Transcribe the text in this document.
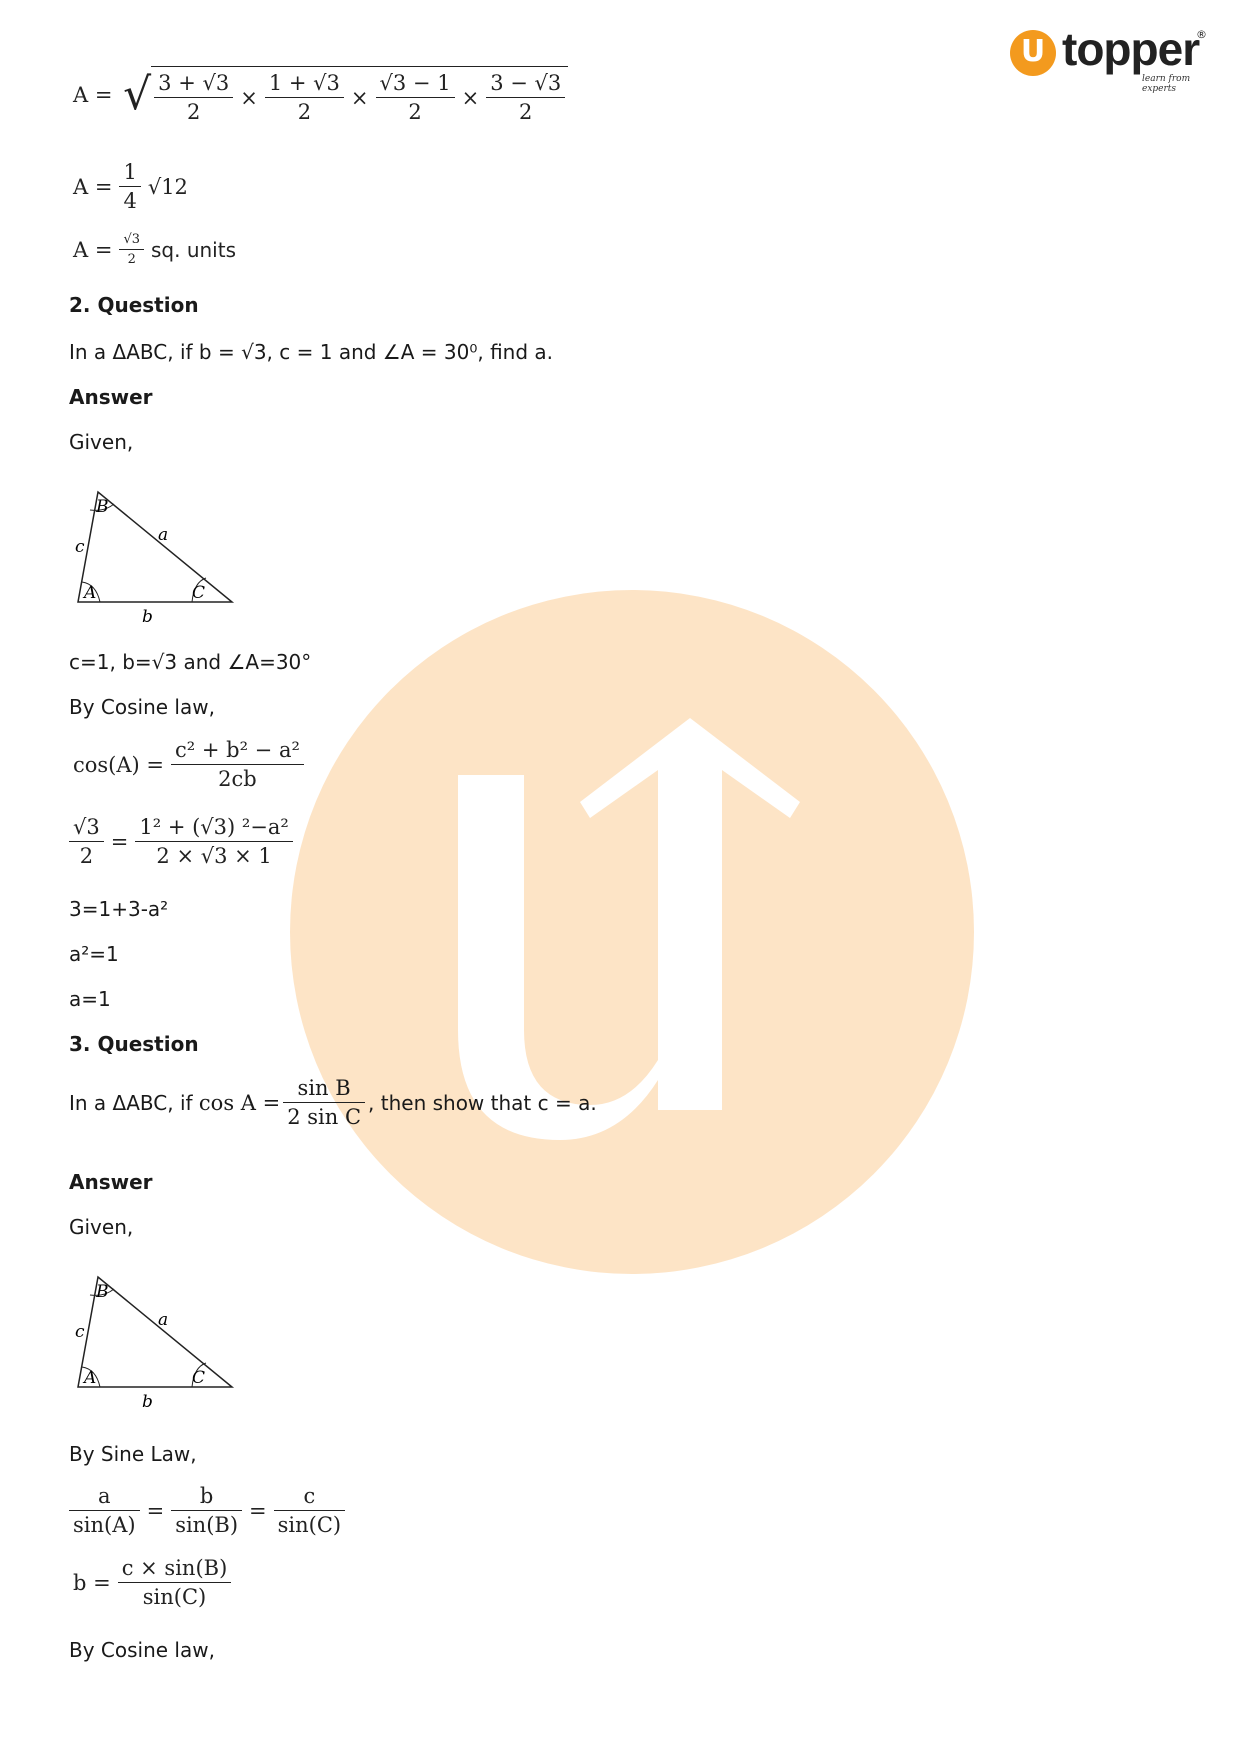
U topper
®
learn from experts
A = √ $\frac{3 + √3}{2} \times \frac{1 + √3}{2} \times \frac{√3 - 1}{2} \times \frac{3 - √3}{2}$
$A = \frac{1}{4} √12$
$A = \frac{√3}{2}$ sq. units
2. Question
In a ΔABC, if b = √3, c = 1 and ∠A = 30⁰, find a.
Answer
Given,
B
A	C
a
c
b
c=1, b=√3 and ∠A=30°
By Cosine law,
$\cos(A) = \frac{\text{c² + b² − a²}}{2cb}$
$\frac{√3}{2} = \frac{\text{1² + (√3) ²−a²}}{2 \times √3 \times 1}$
3=1+3-a²
a²=1
a=1
3. Question
In a ΔABC, if $\cos A = \frac{\text{sin B}}{\text{2 sin C}}$ , then show that c = a.
Answer
Given,
B
A	C
a
c
b
By Sine Law,
$\frac{a}{\sin(A)} = \frac{b}{\sin(B)} = \frac{c}{\sin(C)}$
$b = \frac{c \times \sin(B)}{\sin(C)}$
By Cosine law,
